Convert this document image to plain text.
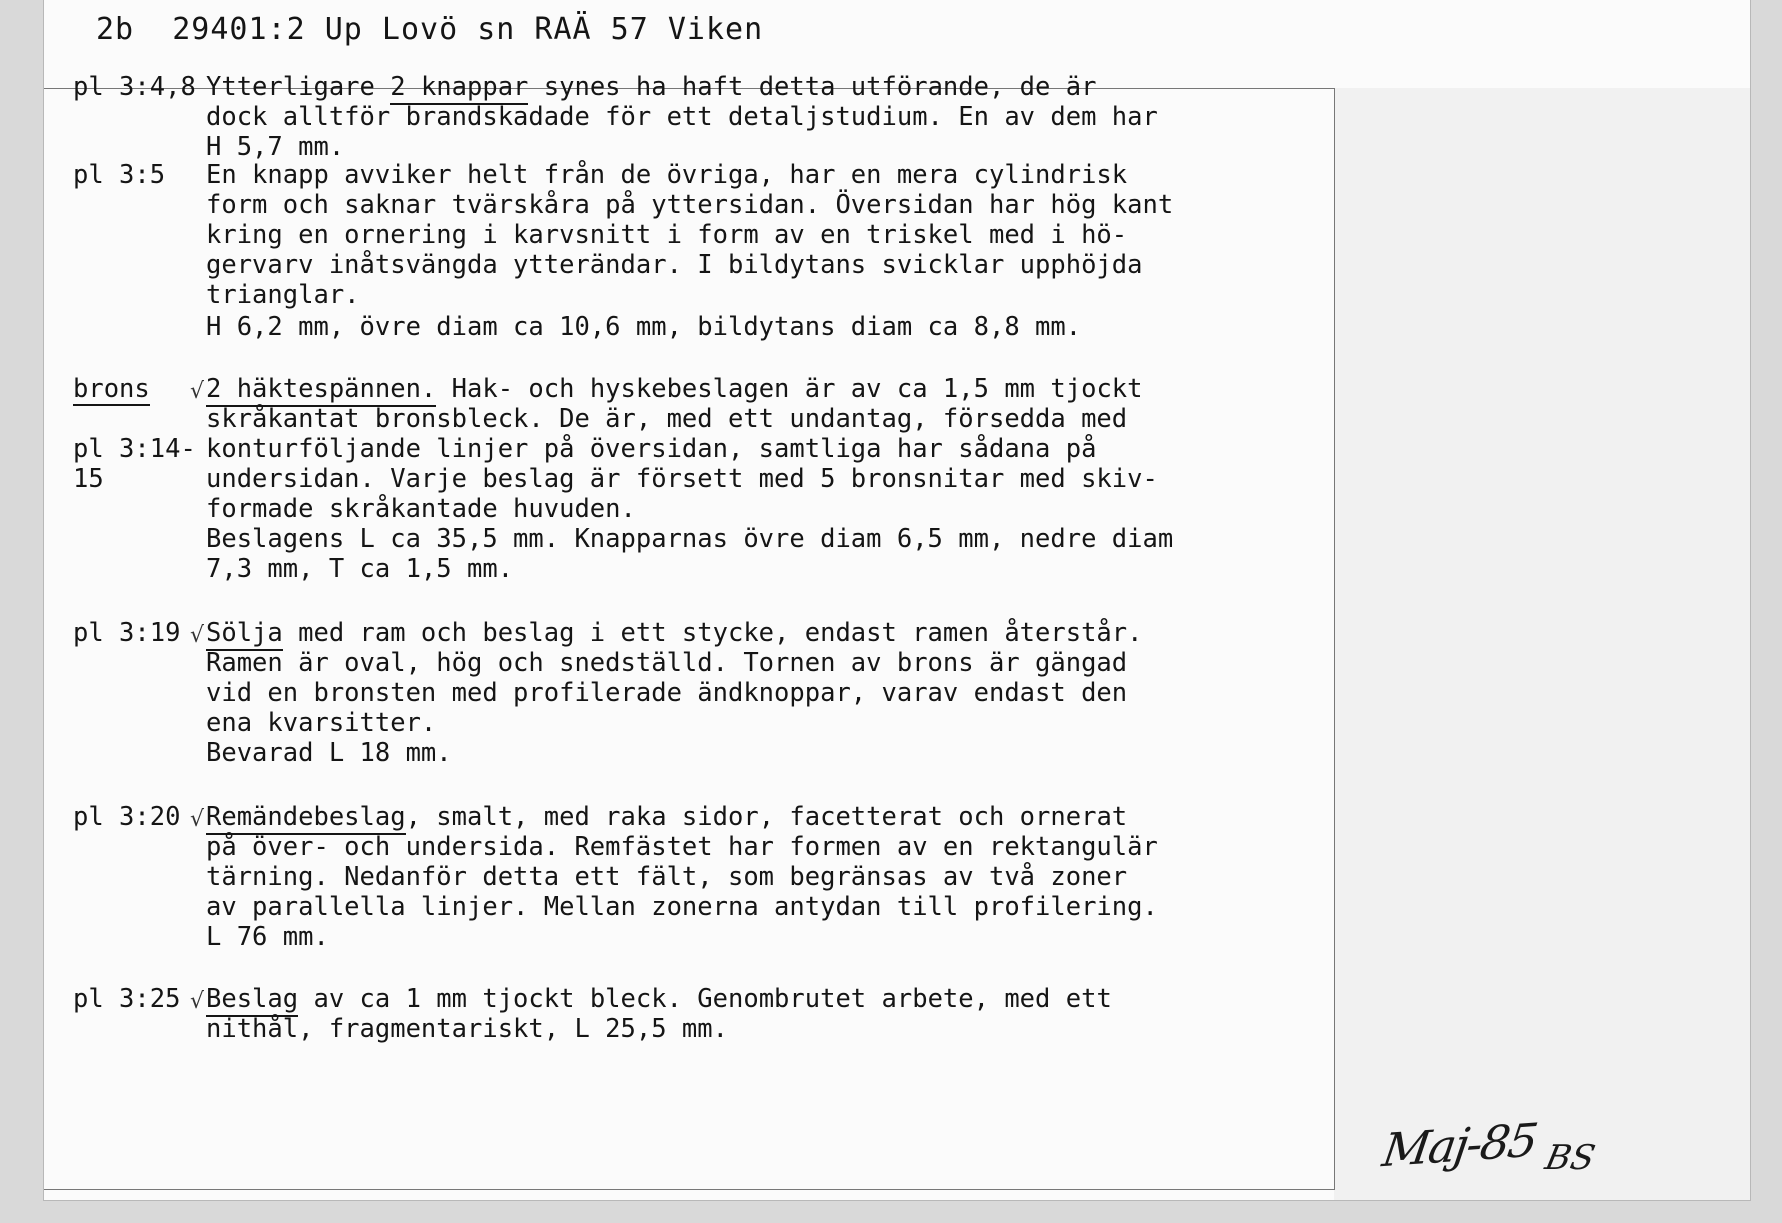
2b  29401:2 Up Lovö sn RAÄ 57 Viken
pl 3:4,8 Ytterligare 2 knappar synes ha haft detta utförande, de är
dock alltför brandskadade för ett detaljstudium. En av dem har
H 5,7 mm.
pl 3:5 En knapp avviker helt från de övriga, har en mera cylindrisk
form och saknar tvärskåra på yttersidan. Översidan har hög kant
kring en ornering i karvsnitt i form av en triskel med i hö-
gervarv inåtsvängda ytterändar. I bildytans svicklar upphöjda
trianglar.
H 6,2 mm, övre diam ca 10,6 mm, bildytans diam ca 8,8 mm.
brons √ 2 häktespännen. Hak- och hyskebeslagen är av ca 1,5 mm tjockt
skråkantat bronsbleck. De är, med ett undantag, försedda med
pl 3:14- konturföljande linjer på översidan, samtliga har sådana på
15	undersidan. Varje beslag är försett med 5 bronsnitar med skiv-
formade skråkantade huvuden.
Beslagens L ca 35,5 mm. Knapparnas övre diam 6,5 mm, nedre diam
7,3 mm, T ca 1,5 mm.
pl 3:19 √ Sölja med ram och beslag i ett stycke, endast ramen återstår.
Ramen är oval, hög och snedställd. Tornen av brons är gängad
vid en bronsten med profilerade ändknoppar, varav endast den
ena kvarsitter.
Bevarad L 18 mm.
pl 3:20 √ Remändebeslag, smalt, med raka sidor, facetterat och ornerat
på över- och undersida. Remfästet har formen av en rektangulär
tärning. Nedanför detta ett fält, som begränsas av två zoner
av parallella linjer. Mellan zonerna antydan till profilering.
L 76 mm.
pl 3:25 √ Beslag av ca 1 mm tjockt bleck. Genombrutet arbete, med ett
nithål, fragmentariskt, L 25,5 mm.
Maj-85 BS
